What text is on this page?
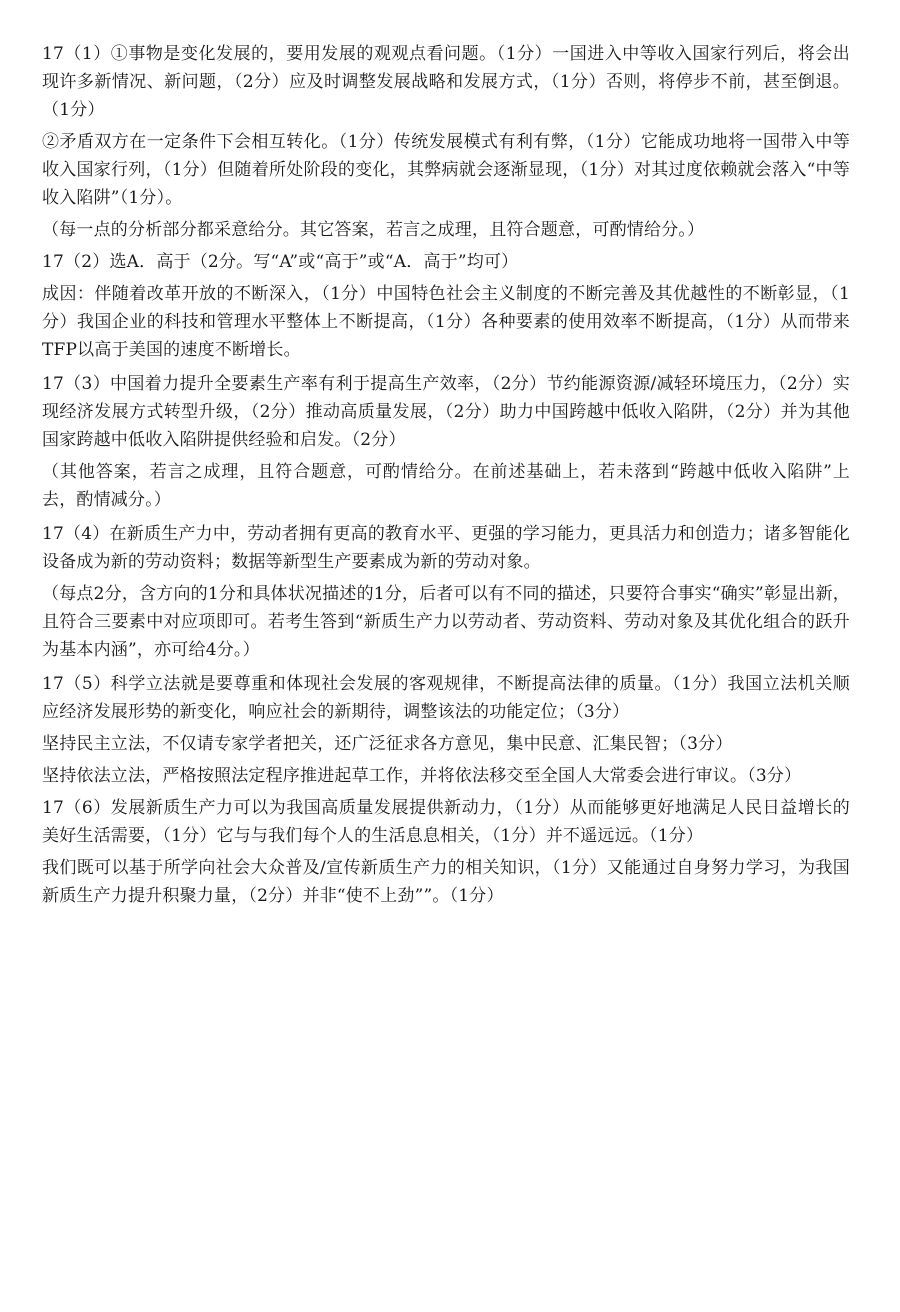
17（1）①事物是变化发展的，要用发展的观观点看问题。（1分）一国进入中等收入国家行列后，将会出现许多新情况、新问题，（2分）应及时调整发展战略和发展方式，（1分）否则，将停步不前，甚至倒退。（1分）

②矛盾双方在一定条件下会相互转化。（1分）传统发展模式有利有弊，（1分）它能成功地将一国带入中等收入国家行列，（1分）但随着所处阶段的变化，其弊病就会逐渐显现，（1分）对其过度依赖就会落入“中等收入陷阱”（1分）。

（每一点的分析部分都采意给分。其它答案，若言之成理，且符合题意，可酌情给分。）

17（2）选A．高于（2分。写“A”或“高于”或“A．高于”均可）

成因：伴随着改革开放的不断深入，（1分）中国特色社会主义制度的不断完善及其优越性的不断彰显，（1分）我国企业的科技和管理水平整体上不断提高，（1分）各种要素的使用效率不断提高，（1分）从而带来TFP以高于美国的速度不断增长。

17（3）中国着力提升全要素生产率有利于提高生产效率，（2分）节约能源资源/减轻环境压力，（2分）实现经济发展方式转型升级，（2分）推动高质量发展，（2分）助力中国跨越中低收入陷阱，（2分）并为其他国家跨越中低收入陷阱提供经验和启发。（2分）

（其他答案，若言之成理，且符合题意，可酌情给分。在前述基础上，若未落到“跨越中低收入陷阱”上去，酌情减分。）

17（4）在新质生产力中，劳动者拥有更高的教育水平、更强的学习能力，更具活力和创造力；诸多智能化设备成为新的劳动资料；数据等新型生产要素成为新的劳动对象。

（每点2分，含方向的1分和具体状况描述的1分，后者可以有不同的描述，只要符合事实“确实”彰显出新，且符合三要素中对应项即可。若考生答到“新质生产力以劳动者、劳动资料、劳动对象及其优化组合的跃升为基本内涵”，亦可给4分。）

17（5）科学立法就是要尊重和体现社会发展的客观规律，不断提高法律的质量。（1分）我国立法机关顺应经济发展形势的新变化，响应社会的新期待，调整该法的功能定位；（3分）

坚持民主立法，不仅请专家学者把关，还广泛征求各方意见，集中民意、汇集民智；（3分）

坚持依法立法，严格按照法定程序推进起草工作，并将依法移交至全国人大常委会进行审议。（3分）

17（6）发展新质生产力可以为我国高质量发展提供新动力，（1分）从而能够更好地满足人民日益增长的美好生活需要，（1分）它与与我们每个人的生活息息相关，（1分）并不遥远远。（1分）

我们既可以基于所学向社会大众普及/宣传新质生产力的相关知识，（1分）又能通过自身努力学习，为我国新质生产力提升积聚力量，（2分）并非“使不上劲””。（1分）
